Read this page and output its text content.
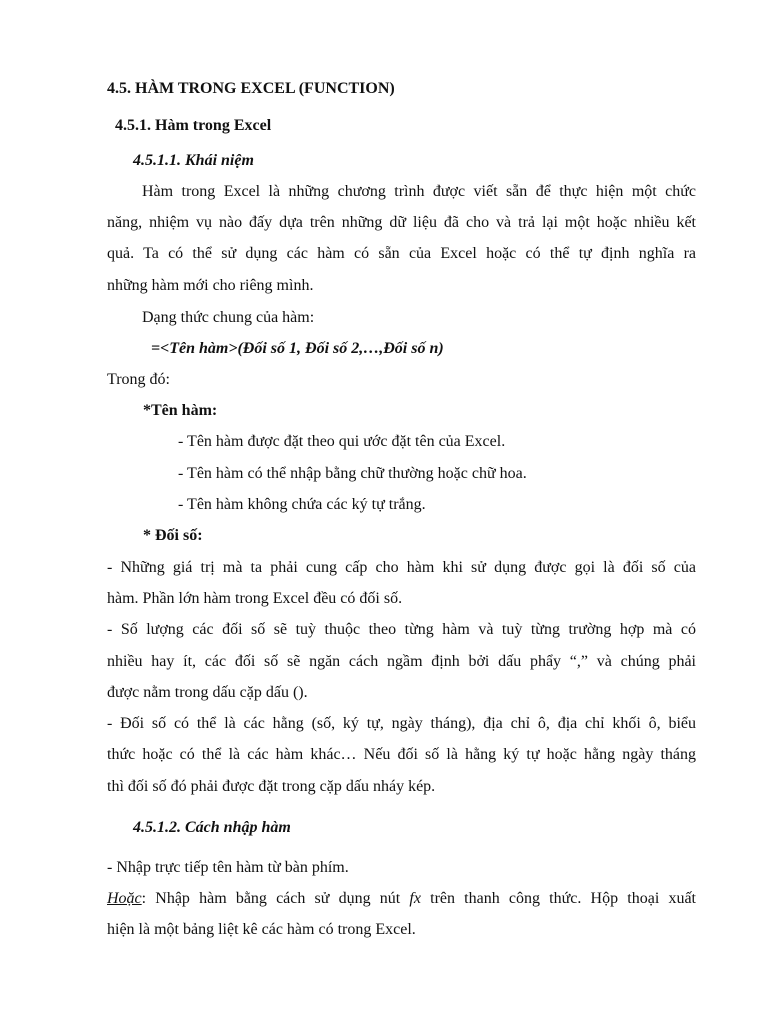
4.5. HÀM TRONG EXCEL (FUNCTION)

4.5.1. Hàm trong Excel

4.5.1.1. Khái niệm

Hàm trong Excel là những chương trình được viết sẵn để thực hiện một chức

năng, nhiệm vụ nào đấy dựa trên những dữ liệu đã cho và trả lại một hoặc nhiều kết

quả. Ta có thể sử dụng các hàm có sẵn của Excel hoặc có thể tự định nghĩa ra

những hàm mới cho riêng mình.

Dạng thức chung của hàm:

=<Tên hàm>(Đối số 1, Đối số 2,…,Đối số n)

Trong đó:

*Tên hàm:

- Tên hàm được đặt theo qui ước đặt tên của Excel.

- Tên hàm có thể nhập bằng chữ thường hoặc chữ hoa.

- Tên hàm không chứa các ký tự trắng.

* Đối số:

- Những giá trị mà ta phải cung cấp cho hàm khi sử dụng được gọi là đối số của

hàm. Phần lớn hàm trong Excel đều có đối số.

- Số lượng các đối số sẽ tuỳ thuộc theo từng hàm và tuỳ từng trường hợp mà có

nhiều hay ít, các đối số sẽ ngăn cách ngầm định bởi dấu phẩy “,” và chúng phải

được nằm trong dấu cặp dấu ().

- Đối số có thể là các hằng (số, ký tự, ngày tháng), địa chỉ ô, địa chỉ khối ô, biểu

thức hoặc có thể là các hàm khác… Nếu đối số là hằng ký tự hoặc hằng ngày tháng

thì đối số đó phải được đặt trong cặp dấu nháy kép.

4.5.1.2. Cách nhập hàm

- Nhập trực tiếp tên hàm từ bàn phím.

Hoặc: Nhập hàm bằng cách sử dụng nút fx trên thanh công thức. Hộp thoại xuất

hiện là một bảng liệt kê các hàm có trong Excel.
